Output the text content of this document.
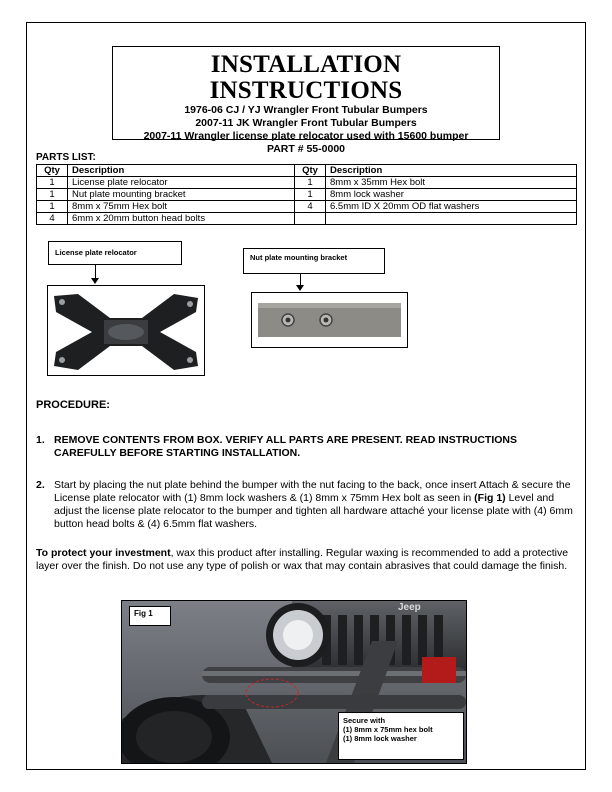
INSTALLATION INSTRUCTIONS
1976-06 CJ / YJ Wrangler Front Tubular Bumpers
2007-11 JK Wrangler Front Tubular Bumpers
2007-11 Wrangler license plate relocator used with 15600 bumper
PART # 55-0000
PARTS LIST:
Qty	Description	Qty	Description
1	License plate relocator	1	8mm x 35mm Hex bolt
1	Nut plate mounting bracket	1	8mm lock washer
1	8mm x 75mm Hex bolt	4	6.5mm ID X 20mm OD flat washers
4	6mm x 20mm button head bolts		
License plate relocator
Nut plate mounting bracket
PROCEDURE:
1. REMOVE CONTENTS FROM BOX. VERIFY ALL PARTS ARE PRESENT. READ INSTRUCTIONS CAREFULLY BEFORE STARTING INSTALLATION.
2. Start by placing the nut plate behind the bumper with the nut facing to the back, once insert Attach & secure the License plate relocator with (1) 8mm lock washers & (1) 8mm x 75mm Hex bolt as seen in (Fig 1) Level and adjust the license plate relocator to the bumper and tighten all hardware attaché your license plate with (4) 6mm button head bolts & (4) 6.5mm flat washers.
To protect your investment, wax this product after installing. Regular waxing is recommended to add a protective layer over the finish. Do not use any type of polish or wax that may contain abrasives that could damage the finish.
Jeep
Fig 1
Secure with
(1) 8mm x 75mm hex bolt
(1) 8mm lock washer
